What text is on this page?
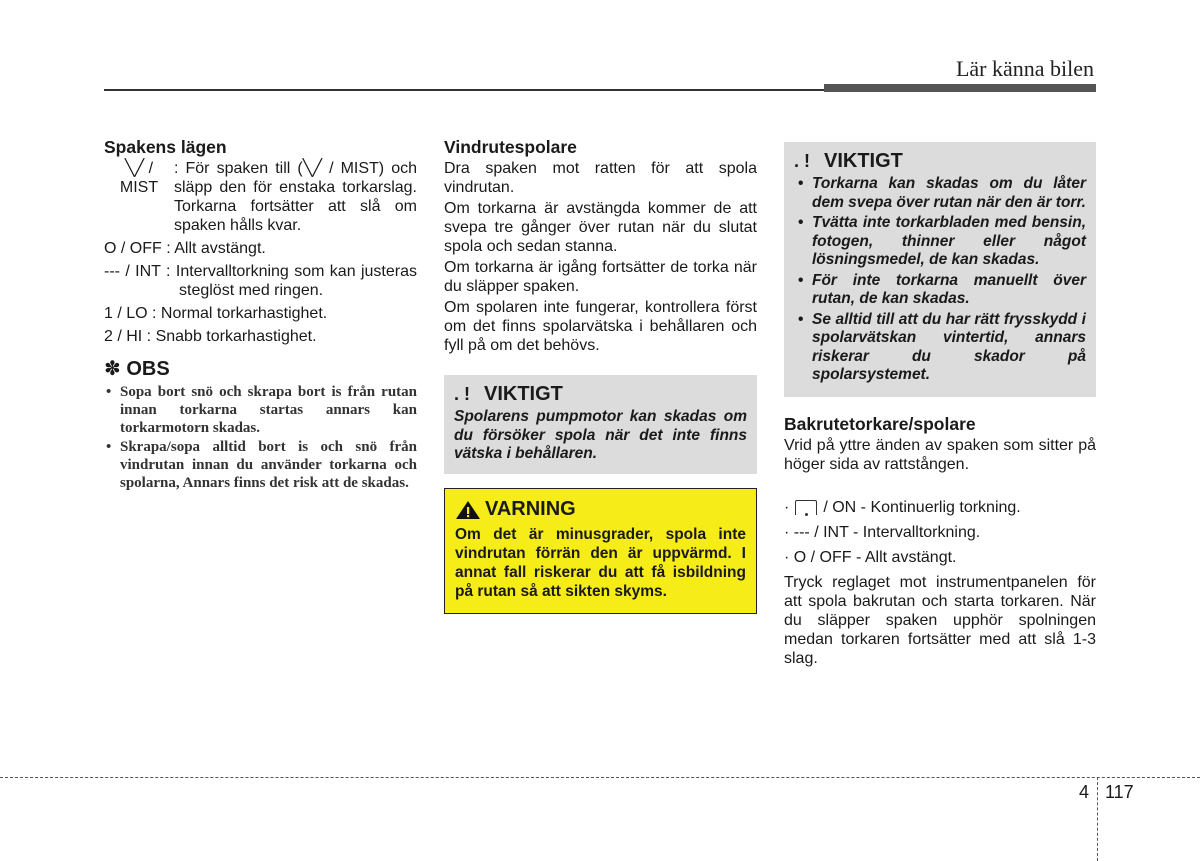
Lär känna bilen
Spakens lägen
╲╱ /
MIST
: För spaken till (╲╱ / MIST) och släpp den för enstaka torkarslag. Torkarna fortsätter att slå om spaken hålls kvar.
O / OFF : Allt avstängt.
--- / INT : Intervalltorkning som kan justeras steglöst med ringen.
1 / LO : Normal torkarhastighet.
2 / HI : Snabb torkarhastighet.
✽ OBS
• Sopa bort snö och skrapa bort is från rutan innan torkarna startas annars kan torkarmotorn skadas.
• Skrapa/sopa alltid bort is och snö från vindrutan innan du använder torkarna och spolarna, Annars finns det risk att de skadas.
Vindrutespolare
Dra spaken mot ratten för att spola vindrutan.
Om torkarna är avstängda kommer de att svepa tre gånger över rutan när du slutat spola och sedan stanna.
Om torkarna är igång fortsätter de torka när du släpper spaken.
Om spolaren inte fungerar, kontrollera först om det finns spolarvätska i behållaren och fyll på om det behövs.
. ! VIKTIGT
Spolarens pumpmotor kan skadas om du försöker spola när det inte finns vätska i behållaren.
VARNING
Om det är minusgrader, spola inte vindrutan förrän den är uppvärmd. I annat fall riskerar du att få isbildning på rutan så att sikten skyms.
. ! VIKTIGT
• Torkarna kan skadas om du låter dem svepa över rutan när den är torr.
• Tvätta inte torkarbladen med bensin, fotogen, thinner eller något lösningsmedel, de kan skadas.
• För inte torkarna manuellt över rutan, de kan skadas.
• Se alltid till att du har rätt frysskydd i spolarvätskan vintertid, annars riskerar du skador på spolarsystemet.
Bakrutetorkare/spolare
Vrid på yttre änden av spaken som sitter på höger sida av rattstången.
· / ON - Kontinuerlig torkning.
· --- / INT - Intervalltorkning.
· O / OFF - Allt avstängt.
Tryck reglaget mot instrumentpanelen för att spola bakrutan och starta torkaren. När du släpper spaken upphör spolningen medan torkaren fortsätter med att slå 1-3 slag.
4 117
